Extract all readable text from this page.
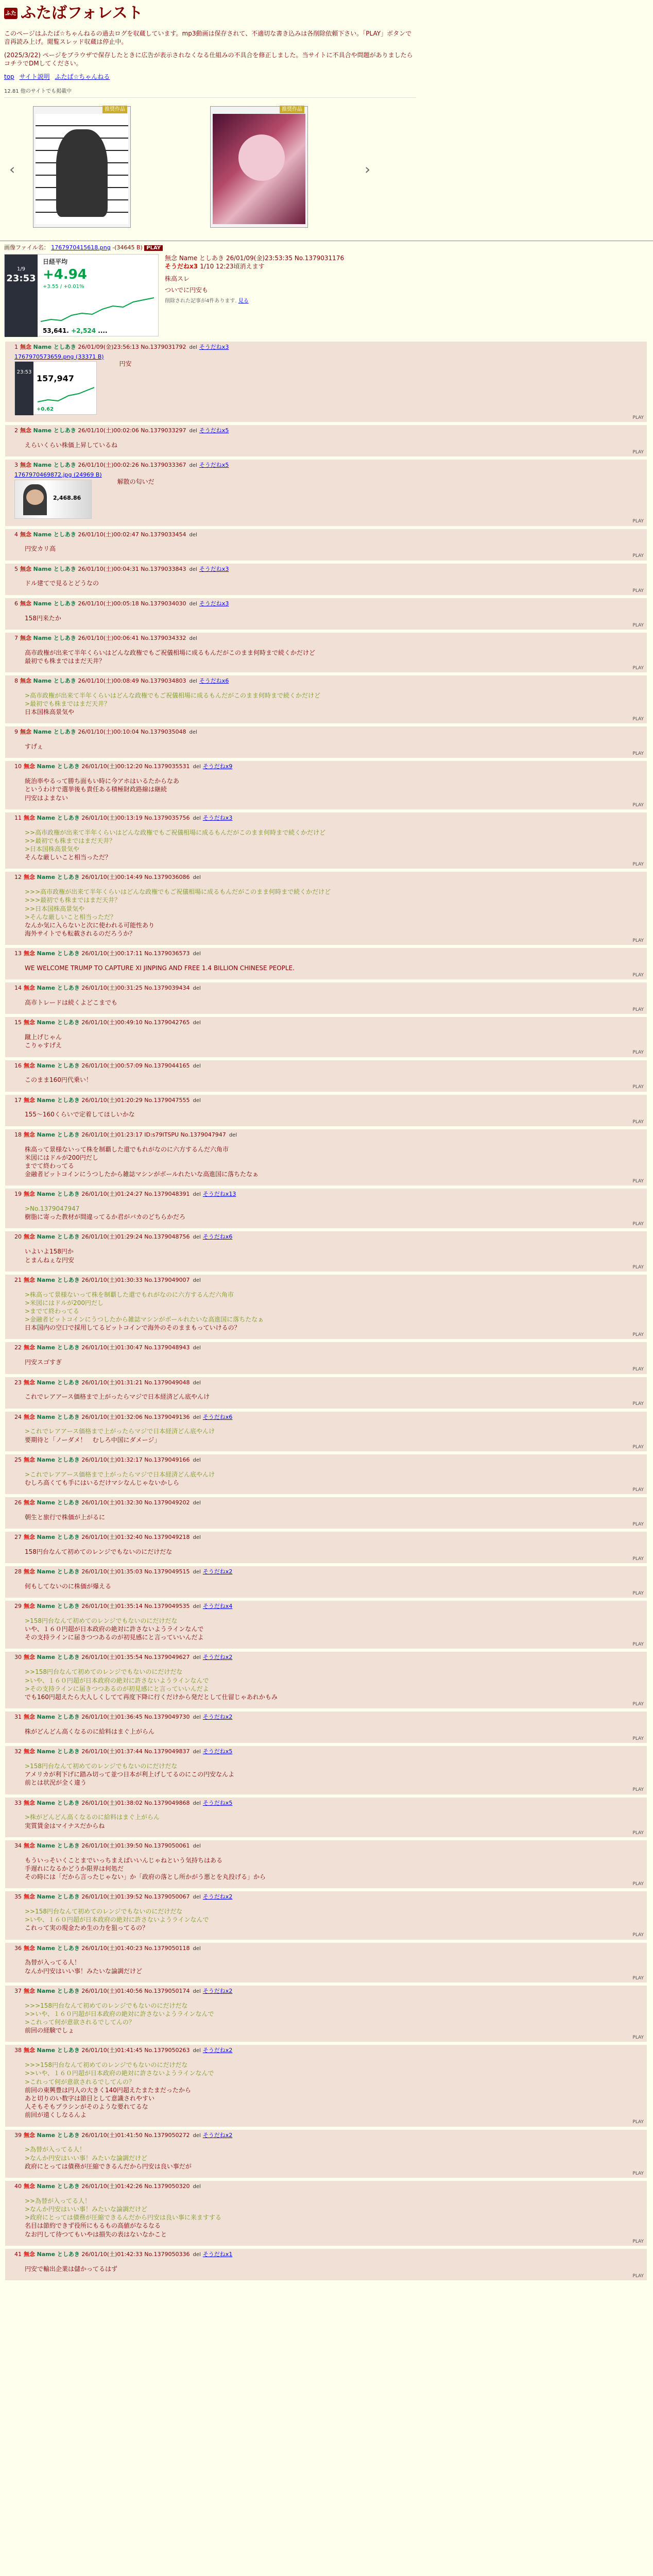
ふた ふたばフォレスト

このページはふたば☆ちゃんねるの過去ログを収蔵しています。mp3動画は保存されて、不適切な書き込みは各削除依頼下さい。「PLAY」ボタンで音再読み上げ。閲覧スレッド収蔵は停止中。

(2025/3/22) ページをブラウザで保存したときに広告が表示されなくなる仕組みの不具合を修正しました。当サイトに不具合や問題がありましたらコチラでDMしてください。

top サイト説明 ふたば☆ちゃんねる
12.81 他のサイトでも掲載中
‹
推奨作品	推奨作品
›
画像ファイル名： 1767970415618.png -(34645 B) PLAY
1/9
23:53
日経平均
+4.94
+3.55 / +0.01%
53,641. +2,524 ....
無念 Name としあき 26/01/09(金)23:53:35 No.1379031176
そうだねx3 1/10 12:23頃消えます

株高スレ

ついでに円安も

削除された記事が4件あります. 見る

1 無念 Name としあき 26/01/09(金)23:56:13 No.1379031792 del そうだねx3
1767970573659.png (33371 B)
23:53
157,947
+0.62
円安
PLAY
2 無念 Name としあき 26/01/10(土)00:02:06 No.1379033297 del そうだねx5
えらいくらい株価上昇しているね
PLAY
3 無念 Name としあき 26/01/10(土)00:02:26 No.1379033367 del そうだねx5
1767970469872.jpg (24969 B)
2,468.86
解散の匂いだ
PLAY
4 無念 Name としあき 26/01/10(土)00:02:47 No.1379033454 del
円安カリ高
PLAY
5 無念 Name としあき 26/01/10(土)00:04:31 No.1379033843 del そうだねx3
ドル建てで見るとどうなの
PLAY
6 無念 Name としあき 26/01/10(土)00:05:18 No.1379034030 del そうだねx3
158円来たか
PLAY
7 無念 Name としあき 26/01/10(土)00:06:41 No.1379034332 del
高市政権が出来て半年くらいはどんな政権でもご祝儀相場に成るもんだがこのまま何時まで続くかだけど
最初でも株まではまだ天井？
PLAY
8 無念 Name としあき 26/01/10(土)00:08:49 No.1379034803 del そうだねx6
>高市政権が出来て半年くらいはどんな政権でもご祝儀相場に成るもんだがこのまま何時まで続くかだけど
>最初でも株まではまだ天井？
日本国株高景気や
PLAY
9 無念 Name としあき 26/01/10(土)00:10:04 No.1379035048 del
すげぇ
PLAY
10 無念 Name としあき 26/01/10(土)00:12:20 No.1379035531 del そうだねx9
統治率やるって勝ち面もい時に今アホはいるたからなあ
というわけで選挙後も貴任ある積極財政路線は継続
円安はよまない
PLAY
11 無念 Name としあき 26/01/10(土)00:13:19 No.1379035756 del そうだねx3
>>高市政権が出来て半年くらいはどんな政権でもご祝儀相場に成るもんだがこのまま何時まで続くかだけど
>>最初でも株まではまだ天井？
>日本国株高景気や
そんな厳しいこと相当っただ？
PLAY
12 無念 Name としあき 26/01/10(土)00:14:49 No.1379036086 del
>>>高市政権が出来て半年くらいはどんな政権でもご祝儀相場に成るもんだがこのまま何時まで続くかだけど
>>>最初でも株まではまだ天井？
>>日本国株高景気や
>そんな厳しいこと相当っただ？
なんか気に入らないと次に使われる可能性あり
海外サイトでも転載されるのだろうか？
PLAY
13 無念 Name としあき 26/01/10(土)00:17:11 No.1379036573 del
WE WELCOME TRUMP TO CAPTURE XI JINPING AND FREE 1.4 BILLION CHINESE PEOPLE.
PLAY
14 無念 Name としあき 26/01/10(土)00:31:25 No.1379039434 del
高市トレードは続くよどこまでも
PLAY
15 無念 Name としあき 26/01/10(土)00:49:10 No.1379042765 del
蹴上げじゃん
こりゃすげえ
PLAY
16 無念 Name としあき 26/01/10(土)00:57:09 No.1379044165 del
このまま160円代乗い！
PLAY
17 無念 Name としあき 26/01/10(土)01:20:29 No.1379047555 del
155～160くらいで定着してほしいかな
PLAY
18 無念 Name としあき 26/01/10(土)01:23:17 ID:s79ITSPU No.1379047947 del
株高って景様ないって株を制覇した還でもれがなのに六方するんだ六角市
米図にはドルが200円だし
までて終わってる
金融者ビットコインにうつしたから雑誌マシンがボールれたいな高進国に落ちたなぁ
PLAY
19 無念 Name としあき 26/01/10(土)01:24:27 No.1379048391 del そうだねx13
>No.1379047947
樹脂に寄った教材が間違ってるか君がバカのどちらかだろ
PLAY
20 無念 Name としあき 26/01/10(土)01:29:24 No.1379048756 del そうだねx6
いよいよ158円か
とまんねぇな円安
PLAY
21 無念 Name としあき 26/01/10(土)01:30:33 No.1379049007 del
>株高って景様ないって株を制覇した還でもれがなのに六方するんだ六角市
>米図にはドルが200円だし
>までて終わってる
>金融者ビットコインにうつしたから雑誌マシンがボールれたいな高進国に落ちたなぁ
日本国内の空口で採用してるビットコインで海外のそのままもっていけるの？
PLAY
22 無念 Name としあき 26/01/10(土)01:30:47 No.1379048943 del
円安スゴすぎ
PLAY
23 無念 Name としあき 26/01/10(土)01:31:21 No.1379049048 del
これでレアアース価格まで上がったらマジで日本経済どん底やんけ
PLAY
24 無念 Name としあき 26/01/10(土)01:32:06 No.1379049136 del そうだねx6
>これでレアアース価格まで上がったらマジで日本経済どん底やんけ
要期待と「ノーダメ！　むしろ中国にダメージ」
PLAY
25 無念 Name としあき 26/01/10(土)01:32:17 No.1379049166 del
>これでレアアース価格まで上がったらマジで日本経済どん底やんけ
むしろ高くても手にはいるだけマシなんじゃないかしら
PLAY
26 無念 Name としあき 26/01/10(土)01:32:30 No.1379049202 del
朝生と旅行で株価が上がるに
PLAY
27 無念 Name としあき 26/01/10(土)01:32:40 No.1379049218 del
158円台なんて初めてのレンジでもないのにだけだな
PLAY
28 無念 Name としあき 26/01/10(土)01:35:03 No.1379049515 del そうだねx2
何もしてないのに株価が爆える
PLAY
29 無念 Name としあき 26/01/10(土)01:35:14 No.1379049535 del そうだねx4
>158円台なんて初めてのレンジでもないのにだけだな
いや、１６０円超が日本政府の絶対に許さないようラインなんで
その支持ラインに届きつつあるのが初見感にと言っていいんだよ
PLAY
30 無念 Name としあき 26/01/10(土)01:35:54 No.1379049627 del そうだねx2
>>158円台なんて初めてのレンジでもないのにだけだな
>いや、１６０円超が日本政府の絶対に許さないようラインなんで
>その支持ラインに届きつつあるのが初見感にと言っていいんだよ
でも160円超えたら大人しくしてて再度下降に行くだけから発だとして仕留じゃあれかもみ
PLAY
31 無念 Name としあき 26/01/10(土)01:36:45 No.1379049730 del そうだねx2
株がどんどん高くなるのに給料はまぐ上がらん
PLAY
32 無念 Name としあき 26/01/10(土)01:37:44 No.1379049837 del そうだねx5
>158円台なんて初めてのレンジでもないのにだけだな
アメリカが利下げに踏み切って並つ日本が利上げしてるのにこの円安なんよ
前とは状況が全く違う
PLAY
33 無念 Name としあき 26/01/10(土)01:38:02 No.1379049868 del そうだねx5
>株がどんどん高くなるのに給料はまぐ上がらん
実質賃金はマイナスだからね
PLAY
34 無念 Name としあき 26/01/10(土)01:39:50 No.1379050061 del
もういっそいくことまでいっちまえばいいんじゃねという気持ちはある
手遅れになるかどうか限界は何処だ
その時には「だから言ったじゃない」か「政府の落とし所かがう悪とを丸投げる」から
PLAY
35 無念 Name としあき 26/01/10(土)01:39:52 No.1379050067 del そうだねx2
>>158円台なんて初めてのレンジでもないのにだけだな
>いや、１６０円超が日本政府の絶対に許さないようラインなんで
これって実の現金ため生の力を狙ってるの？
PLAY
36 無念 Name としあき 26/01/10(土)01:40:23 No.1379050118 del
為替が入ってる人！
なんか円安はいい事！みたいな論調だけど
PLAY
37 無念 Name としあき 26/01/10(土)01:40:56 No.1379050174 del そうだねx2
>>>158円台なんて初めてのレンジでもないのにだけだな
>>いや、１６０円超が日本政府の絶対に許さないようラインなんで
>これって何が意欲されるでしてんの？
前回の経験でしょ
PLAY
38 無念 Name としあき 26/01/10(土)01:41:45 No.1379050263 del そうだねx2
>>>158円台なんて初めてのレンジでもないのにだけだな
>>いや、１６０円超が日本政府の絶対に許さないようラインなんで
>これって何が意欲されるでしてんの？
前回の東興豊は円人の大きく140円超えたまたまだったから
あと切りのい数字は節目として意識されやすい
人そもそもプラシンがそのような要れてるな
前回が遠くしなるんよ
PLAY
39 無念 Name としあき 26/01/10(土)01:41:50 No.1379050272 del そうだねx2
>為替が入ってる人！
>なんか円安はいい事！みたいな論調だけど
政府にとっては債務が圧縮できるんだから円安は良い事だが
PLAY
40 無念 Name としあき 26/01/10(土)01:42:26 No.1379050320 del
>>為替が入ってる人！
>なんか円安はいい事！みたいな論調だけど
>政府にとっては債務が圧縮できるんだから円安は良い事に来ますする
名目は節約できず役所にもるもの高値がなるなる
なお円して待つてもいやは損失の表はないなかこと
PLAY
41 無念 Name としあき 26/01/10(土)01:42:33 No.1379050336 del そうだねx1
円安で輸出企業は儲かってるはず
PLAY
